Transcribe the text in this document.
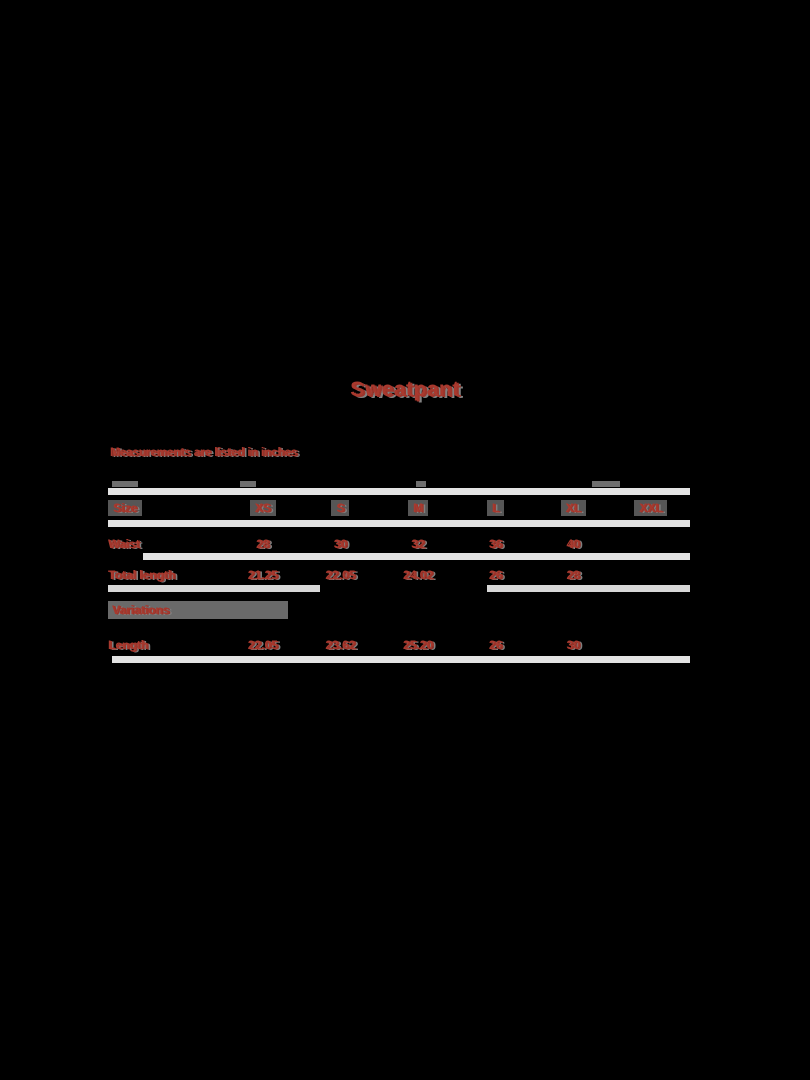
Sweatpant
Measurements are listed in inches
Size	XS	S	M	L	XL	XXL
Waist	28	30	32	36	40
Total length	21.25	22.05	24.02	26	28
Variations
Length	22.05	23.62	25.20	26	30
